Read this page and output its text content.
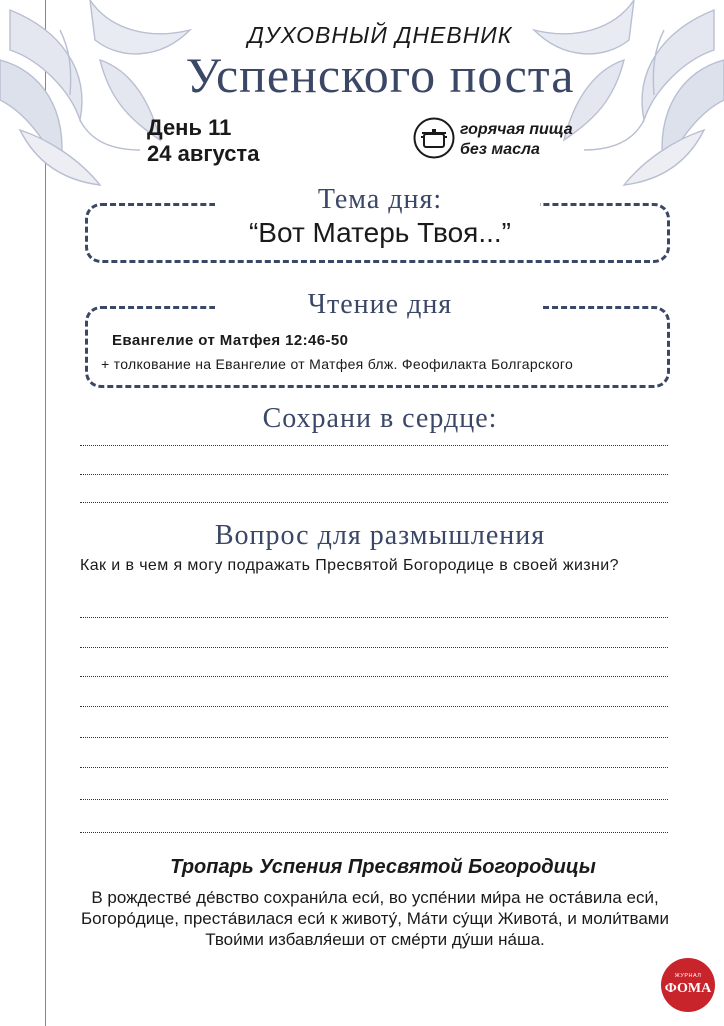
ДУХОВНЫЙ ДНЕВНИК
Успенского поста
День 11
24 августа
горячая пища
без масла
Тема дня:
“Вот Матерь Твоя...”
Чтение дня
Евангелие от Матфея 12:46-50
+ толкование на Евангелие от Матфея блж. Феофилакта Болгарского
Сохрани в сердце:
Вопрос для размышления
Как и в чем я могу подражать Пресвятой Богородице в своей жизни?
Тропарь Успения Пресвятой Богородицы
В рождестве́ де́вство сохрани́ла еси́, во успе́нии ми́ра не оста́вила еси́, Богоро́дице, преста́вилася еси́ к животу́, Ма́ти су́щи Живота́, и моли́твами Твои́ми избавля́еши от сме́рти ду́ши на́ша.
ЖУРНАЛ
ФОМА
